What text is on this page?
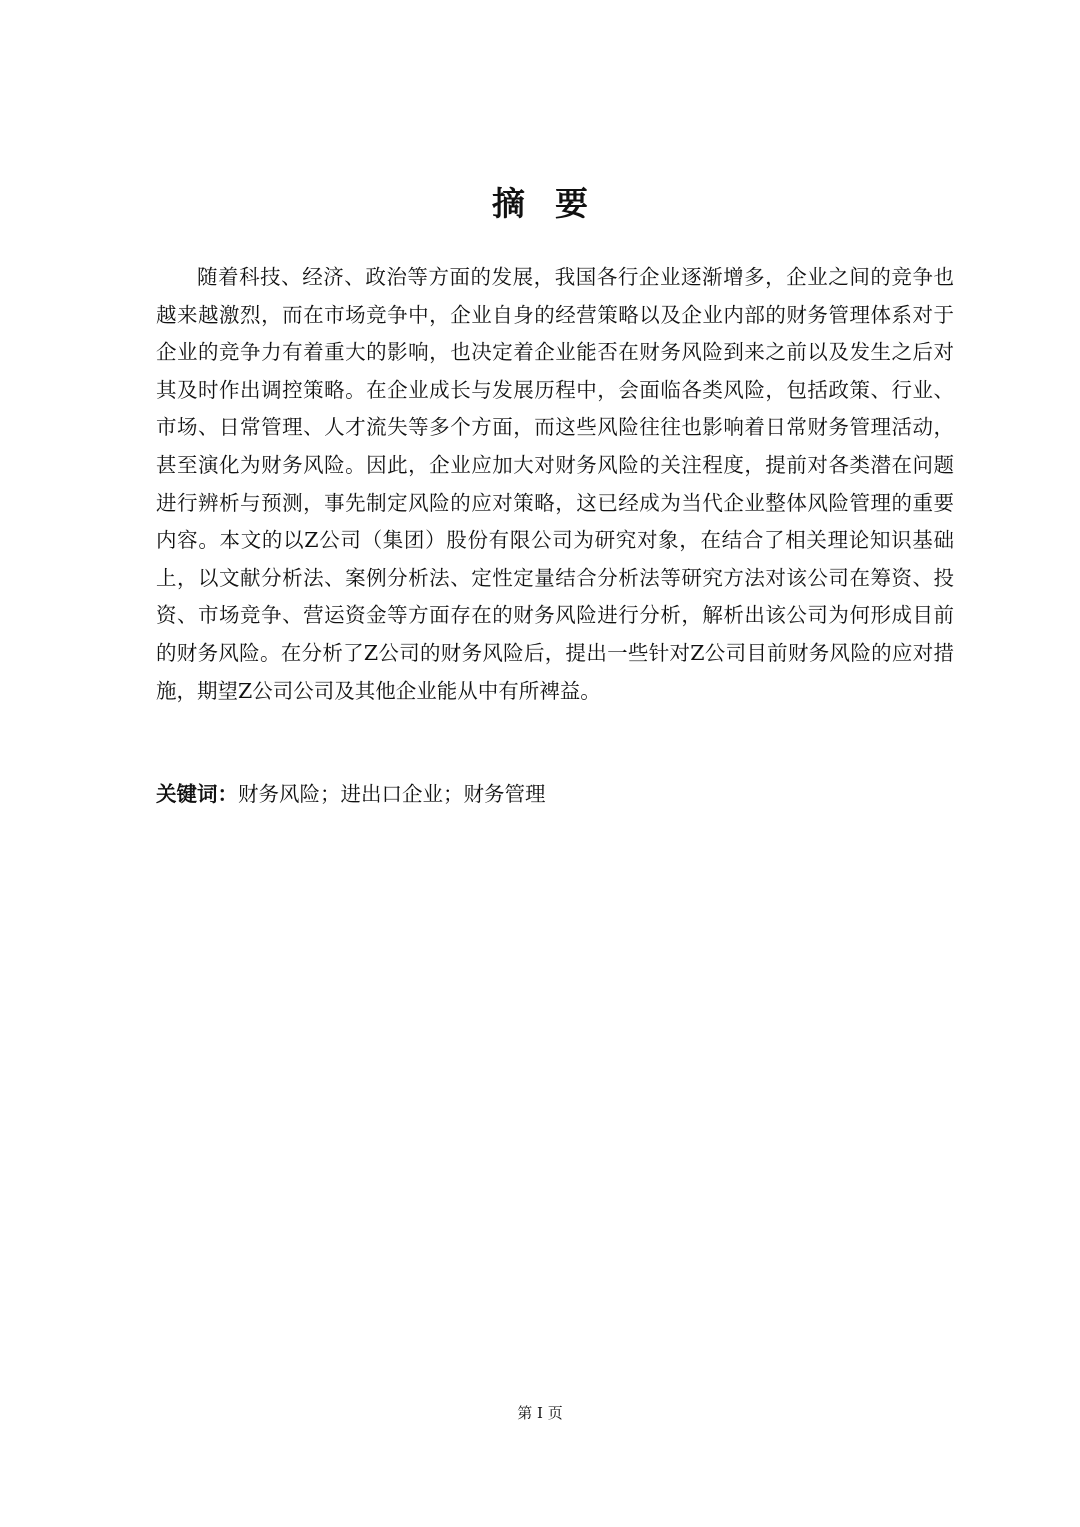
摘要

随着科技、经济、政治等方面的发展，我国各行企业逐渐增多，企业之间的竞争也越来越激烈，而在市场竞争中，企业自身的经营策略以及企业内部的财务管理体系对于企业的竞争力有着重大的影响，也决定着企业能否在财务风险到来之前以及发生之后对其及时作出调控策略。在企业成长与发展历程中，会面临各类风险，包括政策、行业、市场、日常管理、人才流失等多个方面，而这些风险往往也影响着日常财务管理活动，甚至演化为财务风险。因此，企业应加大对财务风险的关注程度，提前对各类潜在问题进行辨析与预测，事先制定风险的应对策略，这已经成为当代企业整体风险管理的重要内容。本文的以Z公司（集团）股份有限公司为研究对象，在结合了相关理论知识基础上，以文献分析法、案例分析法、定性定量结合分析法等研究方法对该公司在筹资、投资、市场竞争、营运资金等方面存在的财务风险进行分析，解析出该公司为何形成目前的财务风险。在分析了Z公司的财务风险后，提出一些针对Z公司目前财务风险的应对措施，期望Z公司公司及其他企业能从中有所裨益。

关键词：财务风险；进出口企业；财务管理
第 I 页
